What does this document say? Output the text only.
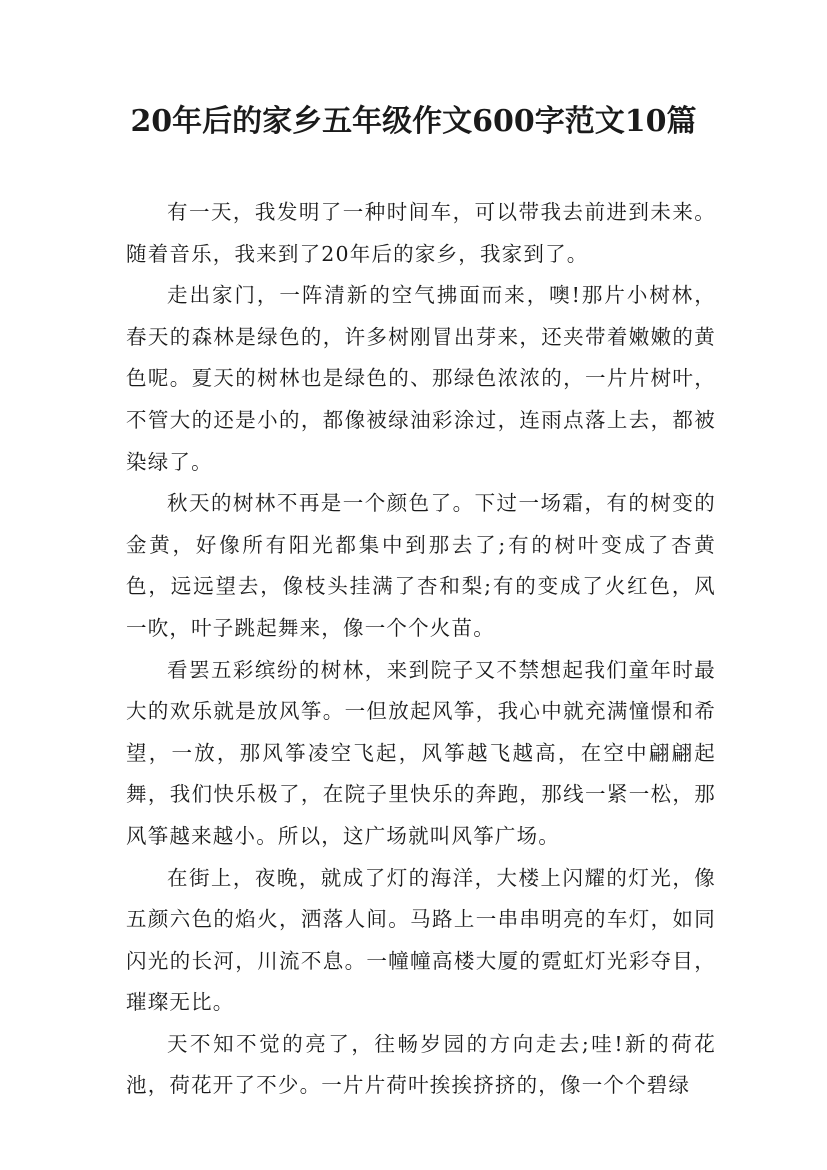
20年后的家乡五年级作文600字范文10篇

有一天，我发明了一种时间车，可以带我去前进到未来。随着音乐，我来到了20年后的家乡，我家到了。

走出家门，一阵清新的空气拂面而来，噢!那片小树林，春天的森林是绿色的，许多树刚冒出芽来，还夹带着嫩嫩的黄色呢。夏天的树林也是绿色的、那绿色浓浓的，一片片树叶，不管大的还是小的，都像被绿油彩涂过，连雨点落上去，都被染绿了。

秋天的树林不再是一个颜色了。下过一场霜，有的树变的金黄，好像所有阳光都集中到那去了;有的树叶变成了杏黄色，远远望去，像枝头挂满了杏和梨;有的变成了火红色，风一吹，叶子跳起舞来，像一个个火苗。

看罢五彩缤纷的树林，来到院子又不禁想起我们童年时最大的欢乐就是放风筝。一但放起风筝，我心中就充满憧憬和希望，一放，那风筝凌空飞起，风筝越飞越高，在空中翩翩起舞，我们快乐极了，在院子里快乐的奔跑，那线一紧一松，那风筝越来越小。所以，这广场就叫风筝广场。

在街上，夜晚，就成了灯的海洋，大楼上闪耀的灯光，像五颜六色的焰火，洒落人间。马路上一串串明亮的车灯，如同闪光的长河，川流不息。一幢幢高楼大厦的霓虹灯光彩夺目，璀璨无比。

天不知不觉的亮了，往畅岁园的方向走去;哇!新的荷花池，荷花开了不少。一片片荷叶挨挨挤挤的，像一个个碧绿
